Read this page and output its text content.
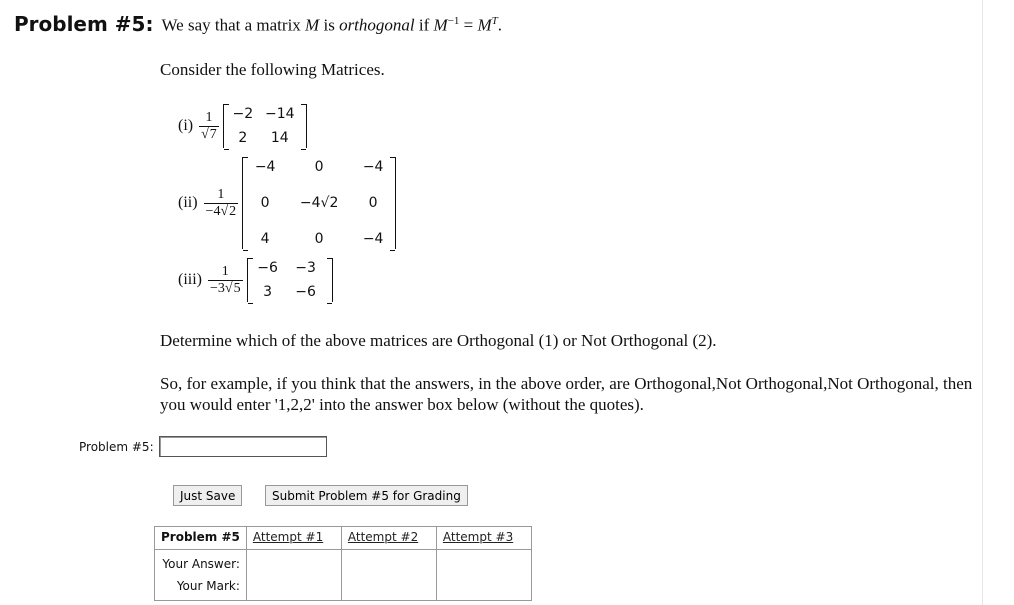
Problem #5: We say that a matrix M is orthogonal if $M^{-1} = M^T$.
Consider the following Matrices.
$(i) \frac{1}{√7} -2 -14$
2	14
$(ii) \frac{1}{-4√2}$
−4	0	−4
0	−4√2	0
4	0	−4
$(iii) \frac{1}{-3√5}$	−6	−3
3	−6
Determine which of the above matrices are Orthogonal (1) or Not Orthogonal (2).
So, for example, if you think that the answers, in the above order, are Orthogonal,Not Orthogonal,Not Orthogonal, then you would enter '1,2,2' into the answer box below (without the quotes).
Problem #5:
Just Save	Submit Problem #5 for Grading
Problem #5	Attempt #1	Attempt #2	Attempt #3

Your Answer:
Your Mark:			
